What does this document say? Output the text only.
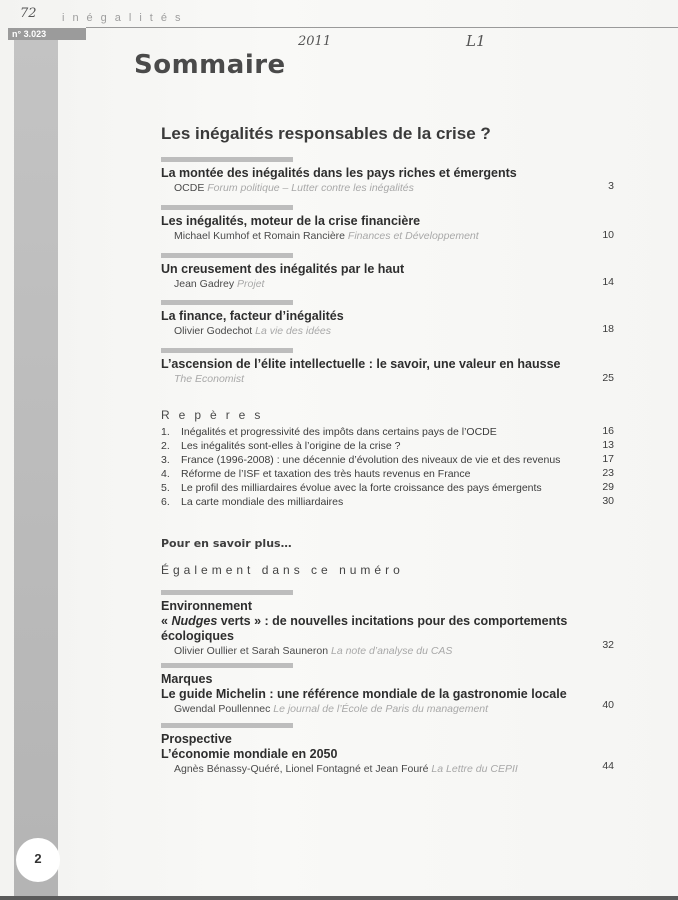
inégalités
n° 3.023
72
2011	L1
Sommaire
Les inégalités responsables de la crise ?
La montée des inégalités dans les pays riches et émergents
OCDE Forum politique – Lutter contre les inégalités	3
Les inégalités, moteur de la crise financière
Michael Kumhof et Romain Rancière Finances et Développement	10
Un creusement des inégalités par le haut
Jean Gadrey Projet	14
La finance, facteur d’inégalités
Olivier Godechot La vie des idées	18
L’ascension de l’élite intellectuelle : le savoir, une valeur en hausse
The Economist	25
Repères
1. Inégalités et progressivité des impôts dans certains pays de l’OCDE	16
2. Les inégalités sont-elles à l’origine de la crise ?	13
3. France (1996-2008) : une décennie d’évolution des niveaux de vie et des revenus	17
4. Réforme de l’ISF et taxation des très hauts revenus en France	23
5. Le profil des milliardaires évolue avec la forte croissance des pays émergents	29
6. La carte mondiale des milliardaires	30
Pour en savoir plus…
Également dans ce numéro
Environnement
« Nudges verts » : de nouvelles incitations pour des comportements écologiques
Olivier Oullier et Sarah Sauneron La note d’analyse du CAS	32
Marques
Le guide Michelin : une référence mondiale de la gastronomie locale
Gwendal Poullennec Le journal de l’École de Paris du management	40
Prospective
L’économie mondiale en 2050
Agnès Bénassy-Quéré, Lionel Fontagné et Jean Fouré La Lettre du CEPII	44
2
